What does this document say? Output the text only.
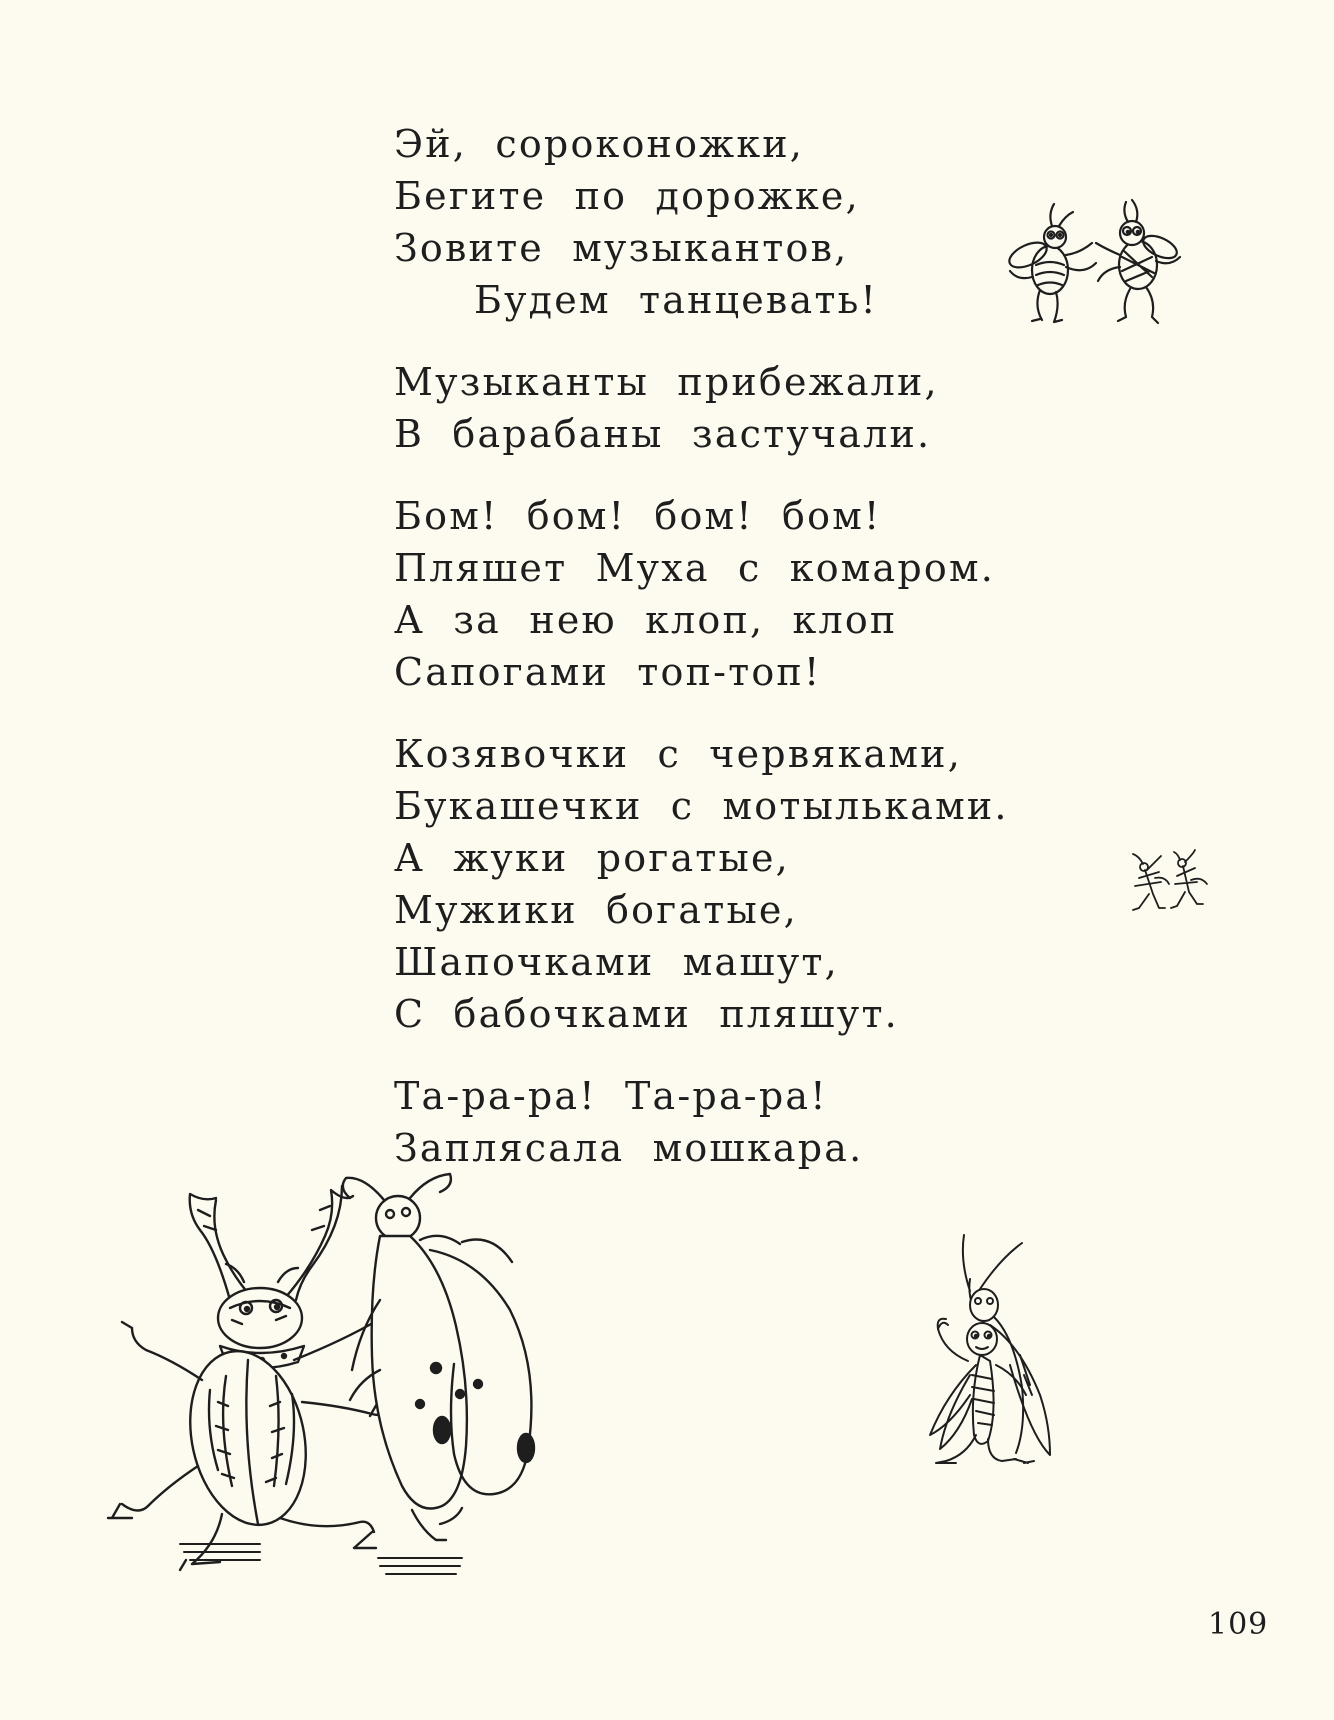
Эй, сороконожки,
Бегите по дорожке,
Зовите музыкантов,
Будем танцевать!
Музыканты прибежали,
В барабаны застучали.
Бом! бом! бом! бом!
Пляшет Муха с комаром.
А за нею клоп, клоп
Сапогами топ-топ!
Козявочки с червяками,
Букашечки с мотыльками.
А жуки рогатые,
Мужики богатые,
Шапочками машут,
С бабочками пляшут.
Та-ра-ра! Та-ра-ра!
Заплясала мошкара.
109
